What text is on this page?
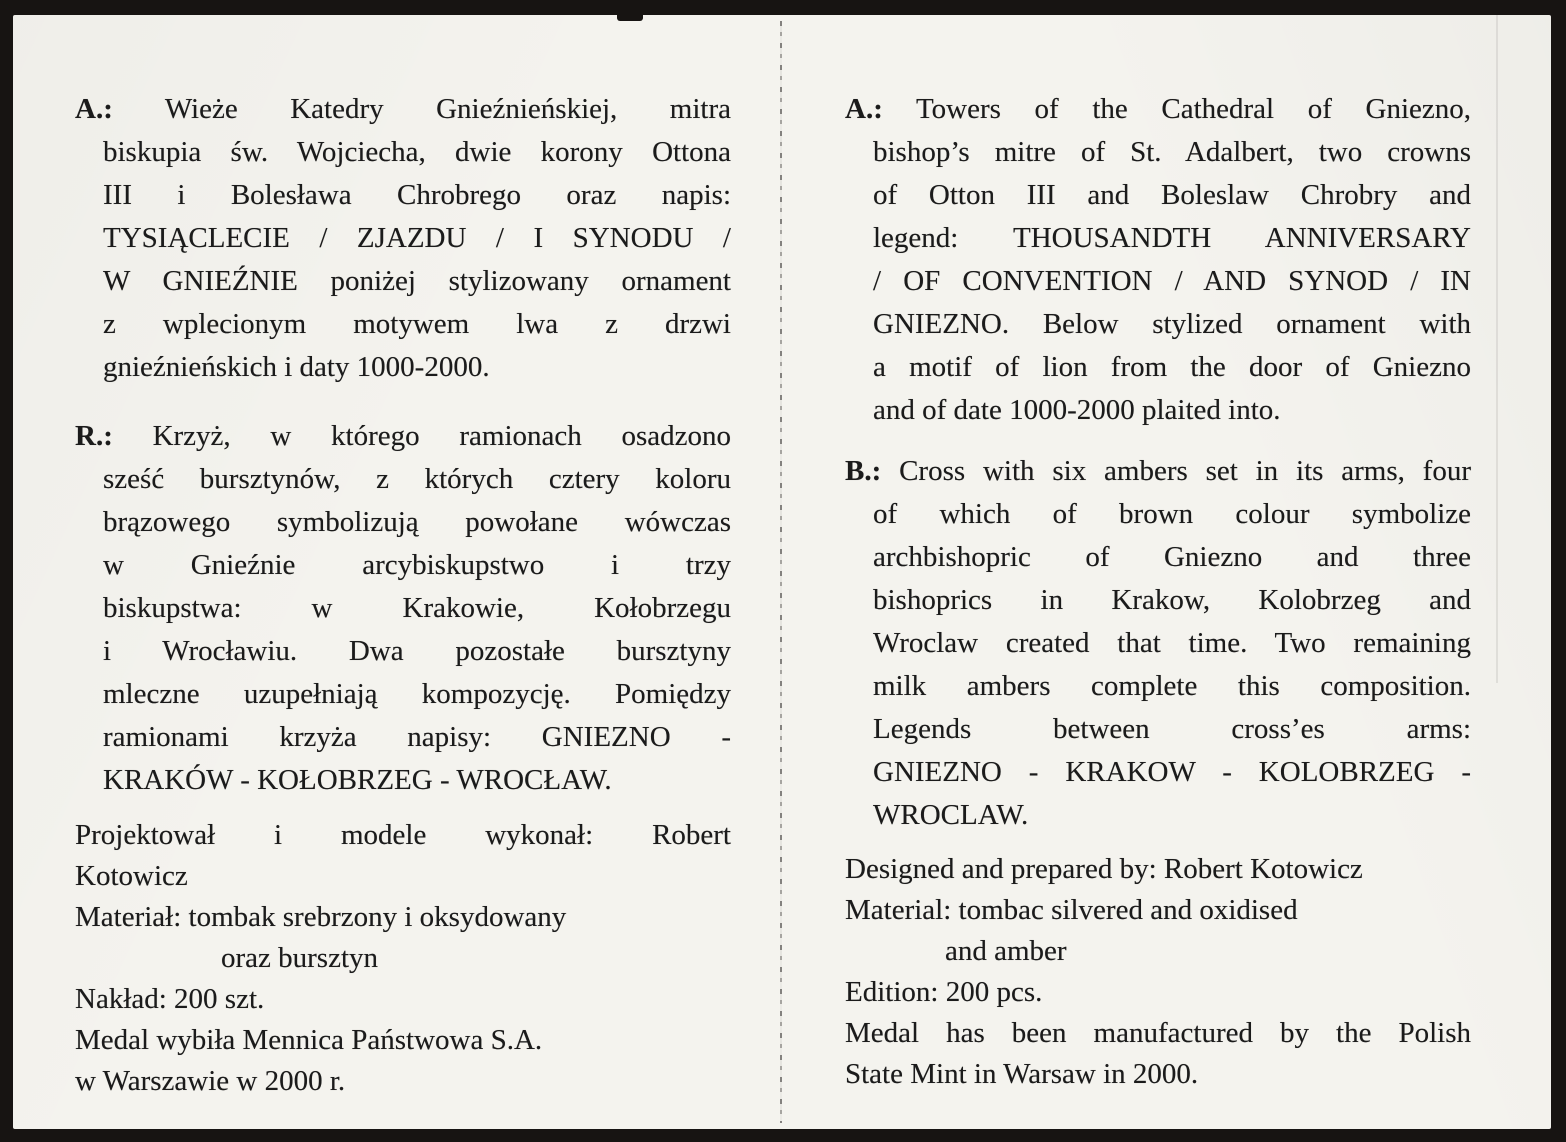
A.: Wieże Katedry Gnieźnieńskiej, mitra
biskupia św. Wojciecha, dwie korony Ottona
III i Bolesława Chrobrego oraz napis:
TYSIĄCLECIE / ZJAZDU / I SYNODU /
W GNIEŹNIE poniżej stylizowany ornament
z wplecionym motywem lwa z drzwi
gnieźnieńskich i daty 1000-2000.
R.: Krzyż, w którego ramionach osadzono
sześć bursztynów, z których cztery koloru
brązowego symbolizują powołane wówczas
w Gnieźnie arcybiskupstwo i trzy
biskupstwa: w Krakowie, Kołobrzegu
i Wrocławiu. Dwa pozostałe bursztyny
mleczne uzupełniają kompozycję. Pomiędzy
ramionami krzyża napisy: GNIEZNO -
KRAKÓW - KOŁOBRZEG - WROCŁAW.
Projektował i modele wykonał: Robert
Kotowicz
Materiał: tombak srebrzony i oksydowany
oraz bursztyn
Nakład: 200 szt.
Medal wybiła Mennica Państwowa S.A.
w Warszawie w 2000 r.
A.: Towers of the Cathedral of Gniezno,
bishop’s mitre of St. Adalbert, two crowns
of Otton III and Boleslaw Chrobry and
legend: THOUSANDTH ANNIVERSARY
/ OF CONVENTION / AND SYNOD / IN
GNIEZNO. Below stylized ornament with
a motif of lion from the door of Gniezno
and of date 1000-2000 plaited into.
B.: Cross with six ambers set in its arms, four
of which of brown colour symbolize
archbishopric of Gniezno and three
bishoprics in Krakow, Kolobrzeg and
Wroclaw created that time. Two remaining
milk ambers complete this composition.
Legends between cross’es arms:
GNIEZNO - KRAKOW - KOLOBRZEG -
WROCLAW.
Designed and prepared by: Robert Kotowicz
Material: tombac silvered and oxidised
and amber
Edition: 200 pcs.
Medal has been manufactured by the Polish
State Mint in Warsaw in 2000.
